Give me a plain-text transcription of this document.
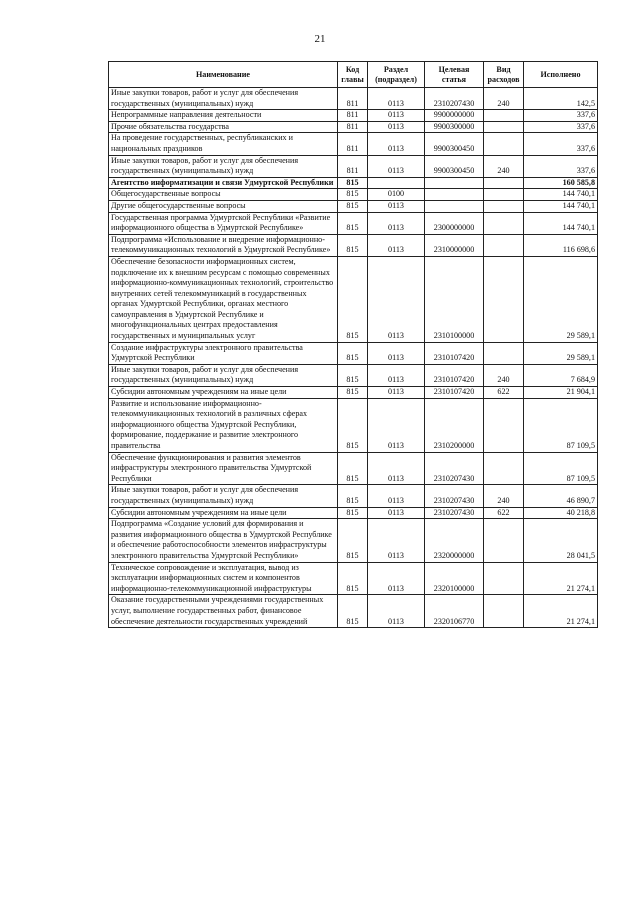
21
Наименование	Код главы	Раздел (подраздел)	Целевая статья	Вид расходов	Исполнено
Иные закупки товаров, работ и услуг для обеспечения государственных (муниципальных) нужд	811	0113	2310207430	240	142,5
Непрограммные направления деятельности	811	0113	9900000000		337,6
Прочие обязательства государства	811	0113	9900300000		337,6
На проведение государственных, республиканских и национальных праздников	811	0113	9900300450		337,6
Иные закупки товаров, работ и услуг для обеспечения государственных (муниципальных) нужд	811	0113	9900300450	240	337,6
Агентство информатизации и связи Удмуртской Республики	815				160 585,8
Общегосударственные вопросы	815	0100			144 740,1
Другие общегосударственные вопросы	815	0113			144 740,1
Государственная программа Удмуртской Республики «Развитие информационного общества в Удмуртской Республике»	815	0113	2300000000		144 740,1
Подпрограмма «Использование и внедрение информационно-телекоммуникационных технологий в Удмуртской Республике»	815	0113	2310000000		116 698,6
Обеспечение безопасности информационных систем, подключение их к внешним ресурсам с помощью современных информационно-коммуникационных технологий, строительство внутренних сетей телекоммуникаций в государственных органах Удмуртской Республики, органах местного самоуправления в Удмуртской Республике и многофункциональных центрах предоставления государственных и муниципальных услуг	815	0113	2310100000		29 589,1
Создание инфраструктуры электронного правительства Удмуртской Республики	815	0113	2310107420		29 589,1
Иные закупки товаров, работ и услуг для обеспечения государственных (муниципальных) нужд	815	0113	2310107420	240	7 684,9
Субсидии автономным учреждениям на иные цели	815	0113	2310107420	622	21 904,1
Развитие и использование информационно-телекоммуникационных технологий в различных сферах информационного общества Удмуртской Республики, формирование, поддержание и развитие электронного правительства	815	0113	2310200000		87 109,5
Обеспечение функционирования и развития элементов инфраструктуры электронного правительства Удмуртской Республики	815	0113	2310207430		87 109,5
Иные закупки товаров, работ и услуг для обеспечения государственных (муниципальных) нужд	815	0113	2310207430	240	46 890,7
Субсидии автономным учреждениям на иные цели	815	0113	2310207430	622	40 218,8
Подпрограмма «Создание условий для формирования и развития информационного общества в Удмуртской Республике и обеспечение работоспособности элементов инфраструктуры электронного правительства Удмуртской Республики»	815	0113	2320000000		28 041,5
Техническое сопровождение и эксплуатация, вывод из эксплуатации информационных систем и компонентов информационно-телекоммуникационной инфраструктуры	815	0113	2320100000		21 274,1
Оказание государственными учреждениями государственных услуг, выполнение государственных работ, финансовое обеспечение деятельности государственных учреждений	815	0113	2320106770		21 274,1
